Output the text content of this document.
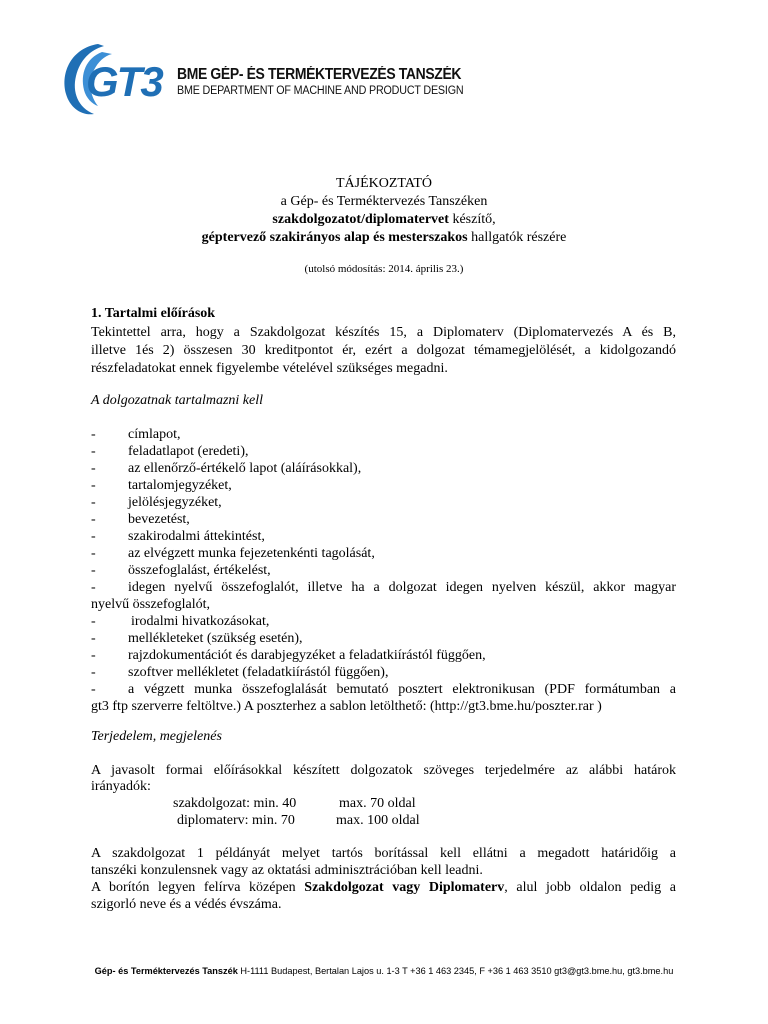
GT3 BME GÉP- ÉS TERMÉKTERVEZÉS TANSZÉK
BME DEPARTMENT OF MACHINE AND PRODUCT DESIGN
TÁJÉKOZTATÓ
a Gép- és Terméktervezés Tanszéken
szakdolgozatot/diplomatervet készítő,
géptervező szakirányos alap és mesterszakos hallgatók részére
(utolsó módosítás: 2014. április 23.)
1. Tartalmi előírások
Tekintettel arra, hogy a Szakdolgozat készítés 15, a Diplomaterv (Diplomatervezés A és B,
illetve 1és 2) összesen 30 kreditpontot ér, ezért a dolgozat témamegjelölését, a kidolgozandó
részfeladatokat ennek figyelembe vételével szükséges megadni.
A dolgozatnak tartalmazni kell
- címlapot,
- feladatlapot (eredeti),
- az ellenőrző-értékelő lapot (aláírásokkal),
- tartalomjegyzéket,
- jelölésjegyzéket,
- bevezetést,
- szakirodalmi áttekintést,
- az elvégzett munka fejezetenkénti tagolását,
- összefoglalást, értékelést,
- idegen nyelvű összefoglalót, illetve ha a dolgozat idegen nyelven készül, akkor magyar
nyelvű összefoglalót,
-	irodalmi hivatkozásokat,
- mellékleteket (szükség esetén),
- rajzdokumentációt és darabjegyzéket a feladatkiírástól függően,
- szoftver mellékletet (feladatkiírástól függően),
- a végzett munka összefoglalását bemutató posztert elektronikusan (PDF formátumban a
gt3 ftp szerverre feltöltve.) A poszterhez a sablon letölthető: (http://gt3.bme.hu/poszter.rar )
Terjedelem, megjelenés
A javasolt formai előírásokkal készített dolgozatok szöveges terjedelmére az alábbi határok
irányadók:
szakdolgozat: min. 40	max. 70 oldal
diplomaterv: min. 70	max. 100 oldal
A szakdolgozat 1 példányát melyet tartós borítással kell ellátni a megadott határidőig a
tanszéki konzulensnek vagy az oktatási adminisztrációban kell leadni.
A borítón legyen felírva középen Szakdolgozat vagy Diplomaterv, alul jobb oldalon pedig a
szigorló neve és a védés évszáma.
Gép- és Terméktervezés Tanszék H-1111 Budapest, Bertalan Lajos u. 1-3 T +36 1 463 2345, F +36 1 463 3510 gt3@gt3.bme.hu, gt3.bme.hu
